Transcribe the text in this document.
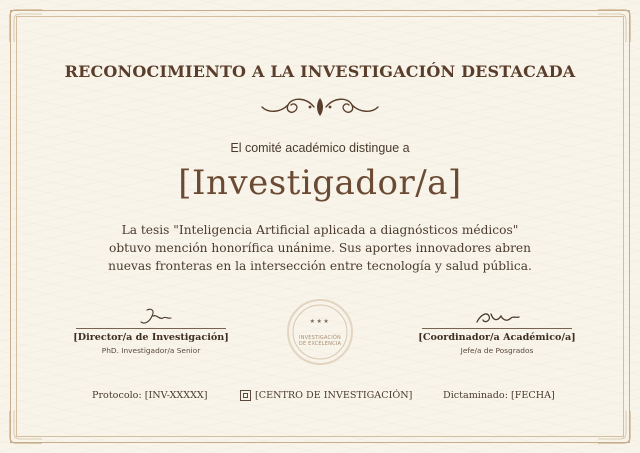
RECONOCIMIENTO A LA INVESTIGACIÓN DESTACADA
El comité académico distingue a
[Investigador/a]
La tesis "Inteligencia Artificial aplicada a diagnósticos médicos"
obtuvo mención honorífica unánime. Sus aportes innovadores abren
nuevas fronteras en la intersección entre tecnología y salud pública.
[Director/a de Investigación]
PhD. Investigador/a Senior
★★★
INVESTIGACIÓN
DE EXCELENCIA
[Coordinador/a Académico/a]
Jefe/a de Posgrados
Protocolo: [INV-XXXXX]	[CENTRO DE INVESTIGACIÓN]	Dictaminado: [FECHA]
